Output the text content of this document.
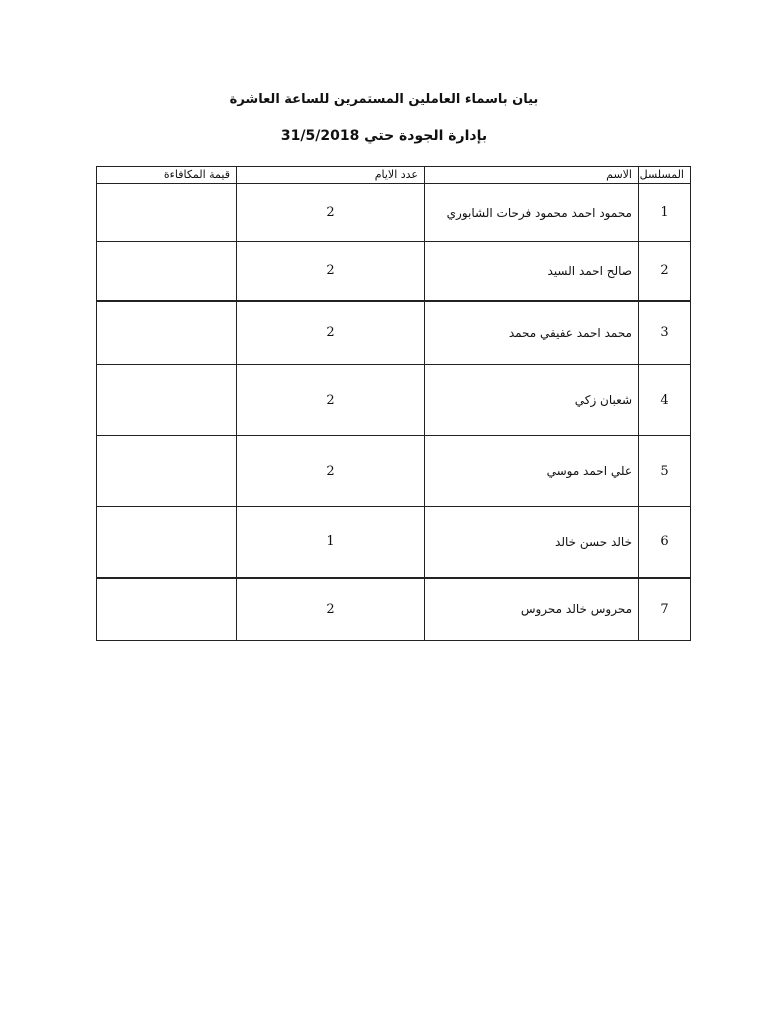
بيان باسماء العاملين المستمرين للساعة العاشرة
بإدارة الجودة حتي 31/5/2018
المسلسل	الاسم	عدد الايام	قيمة المكافاءة
1	محمود احمد محمود فرحات الشابوري	2	
2	صالح احمد السيد	2	
3	محمد احمد عفيفي محمد	2	
4	شعبان زكي	2	
5	علي احمد موسي	2	
6	خالد حسن خالد	1	
7	محروس خالد محروس	2	
